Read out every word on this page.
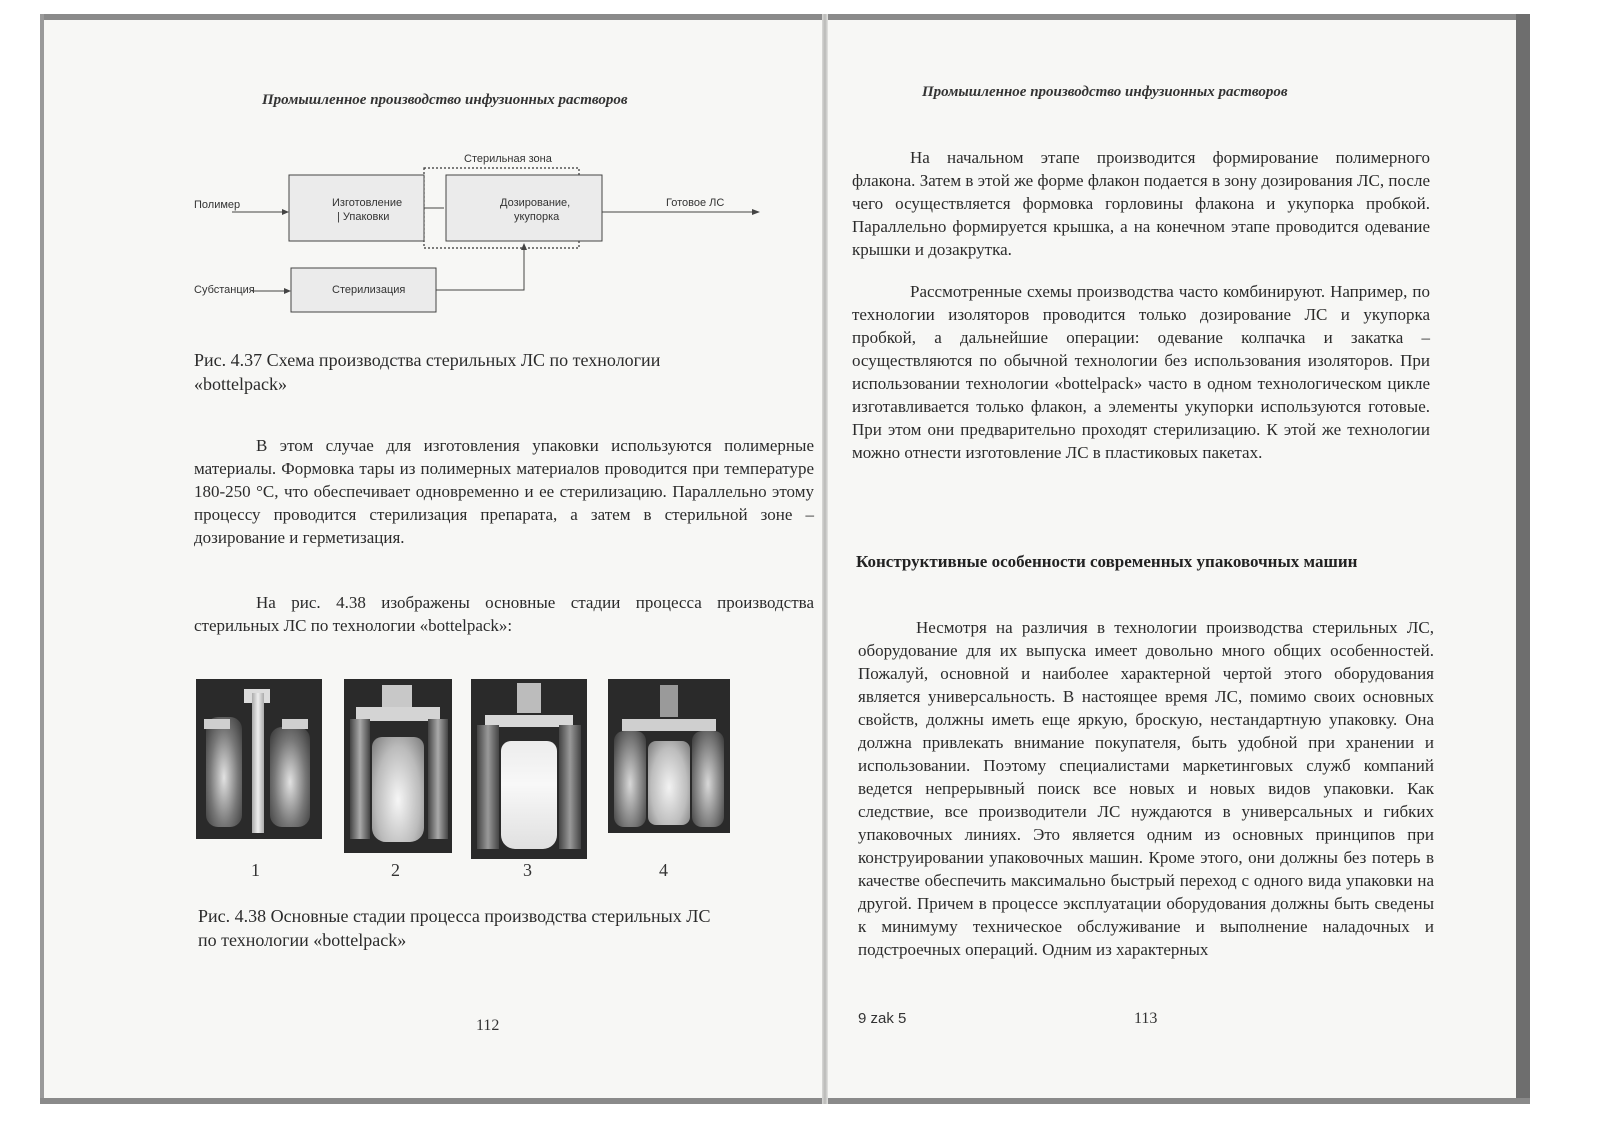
Промышленное производство инфузионных растворов
Стерильная зона
Полимер	Изготовление
| Упаковки
Дозирование,
укупорка
Готовое ЛС
Субстанция	Стерилизация

Рис. 4.37 Схема производства стерильных ЛС по технологии

«bottelpack»

В этом случае для изготовления упаковки используются полимерные материалы. Формовка тары из полимерных материалов проводится при температуре 180-250 °С, что обеспечивает одновременно и ее стерилизацию. Параллельно этому процессу проводится стерилизация препарата, а затем в стерильной зоне – дозирование и герметизация.

На рис. 4.38 изображены основные стадии процесса производства стерильных ЛС по технологии «bottelpack»:

1	2	3	4

Рис. 4.38 Основные стадии процесса производства стерильных ЛС

по технологии «bottelpack»

112
Промышленное производство инфузионных растворов

На начальном этапе производится формирование полимерного флакона. Затем в этой же форме флакон подается в зону дозирования ЛС, после чего осуществляется формовка горловины флакона и укупорка пробкой. Параллельно формируется крышка, а на конечном этапе проводится одевание крышки и дозакрутка.

Рассмотренные схемы производства часто комбинируют. Например, по технологии изоляторов проводится только дозирование ЛС и укупорка пробкой, а дальнейшие операции: одевание колпачка и закатка – осуществляются по обычной технологии без использования изоляторов. При использовании технологии «bottelpack» часто в одном технологическом цикле изготавливается только флакон, а элементы укупорки используются готовые. При этом они предварительно проходят стерилизацию. К этой же технологии можно отнести изготовление ЛС в пластиковых пакетах.

Конструктивные особенности современных упаковочных машин

Несмотря на различия в технологии производства стерильных ЛС, оборудование для их выпуска имеет довольно много общих особенностей. Пожалуй, основной и наиболее характерной чертой этого оборудования является универсальность. В настоящее время ЛС, помимо своих основных свойств, должны иметь еще яркую, броскую, нестандартную упаковку. Она должна привлекать внимание покупателя, быть удобной при хранении и использовании. Поэтому специалистами маркетинговых служб компаний ведется непрерывный поиск все новых и новых видов упаковки. Как следствие, все производители ЛС нуждаются в универсальных и гибких упаковочных линиях. Это является одним из основных принципов при конструировании упаковочных машин. Кроме этого, они должны без потерь в качестве обеспечить максимально быстрый переход с одного вида упаковки на другой. Причем в процессе эксплуатации оборудования должны быть сведены к минимуму техническое обслуживание и выполнение наладочных и подстроечных операций. Одним из характерных

9 zak 5	113
